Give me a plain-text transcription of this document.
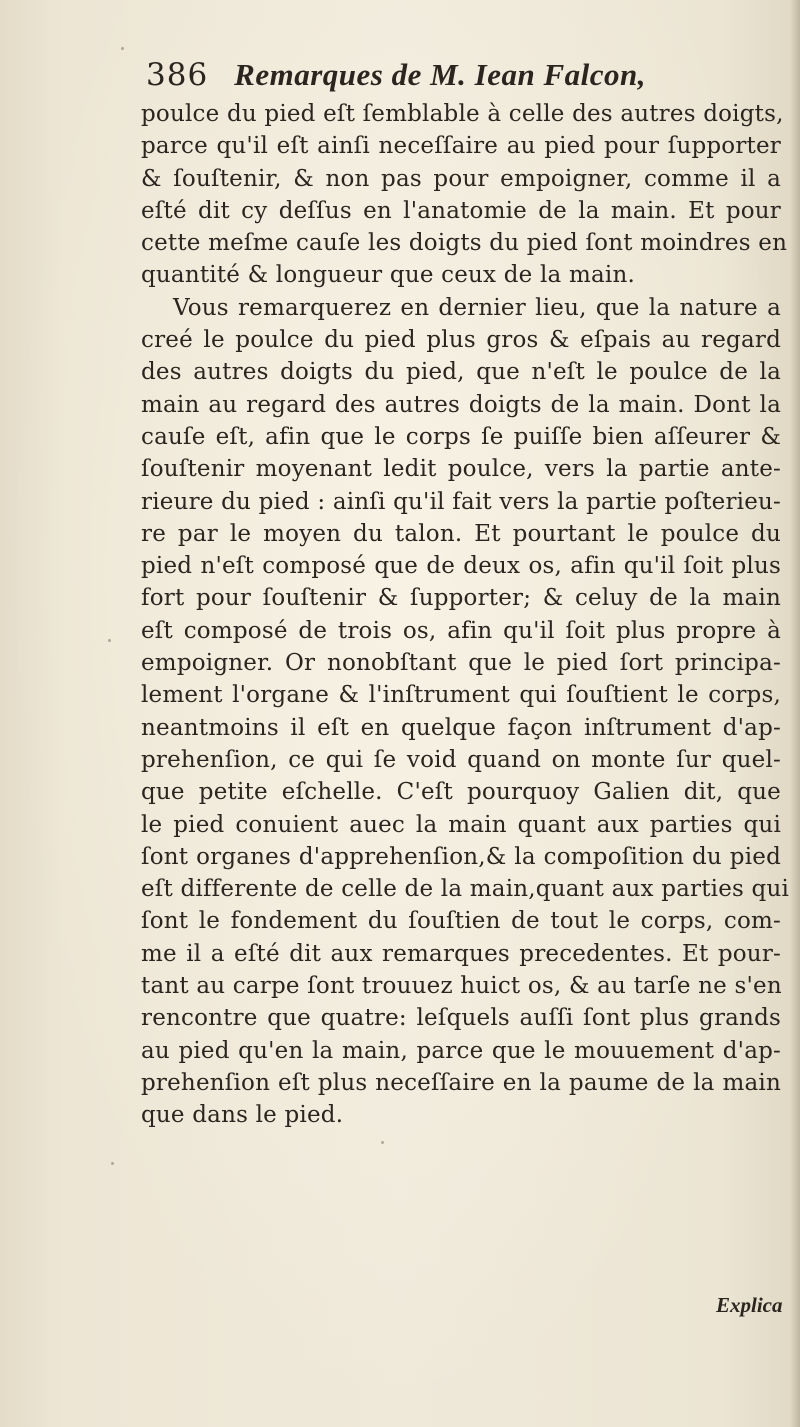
386 Remarques de M. Iean Falcon,
poulce du pied eſt ſemblable à celle des autres doigts,
parce qu'il eſt ainſi neceſſaire au pied pour ſupporter
& ſouſtenir, & non pas pour empoigner, comme il a
eſté dit cy deſſus en l'anatomie de la main. Et pour
cette meſme cauſe les doigts du pied ſont moindres en
quantité & longueur que ceux de la main.
Vous remarquerez en dernier lieu, que la nature a
creé le poulce du pied plus gros & eſpais au regard
des autres doigts du pied, que n'eſt le poulce de la
main au regard des autres doigts de la main. Dont la
cauſe eſt, afin que le corps ſe puiſſe bien aſſeurer &
ſouſtenir moyenant ledit poulce, vers la partie ante-
rieure du pied : ainſi qu'il fait vers la partie poſterieu-
re par le moyen du talon. Et pourtant le poulce du
pied n'eſt composé que de deux os, afin qu'il ſoit plus
fort pour ſouſtenir & ſupporter; & celuy de la main
eſt composé de trois os, afin qu'il ſoit plus propre à
empoigner. Or nonobſtant que le pied ſort principa-
lement l'organe & l'inſtrument qui ſouſtient le corps,
neantmoins il eſt en quelque façon inſtrument d'ap-
prehenſion, ce qui ſe void quand on monte ſur quel-
que petite eſchelle. C'eſt pourquoy Galien dit, que
le pied conuient auec la main quant aux parties qui
ſont organes d'apprehenſion,& la compoſition du pied
eſt differente de celle de la main,quant aux parties qui
ſont le fondement du ſouſtien de tout le corps, com-
me il a eſté dit aux remarques precedentes. Et pour-
tant au carpe ſont trouuez huict os, & au tarſe ne s'en
rencontre que quatre: leſquels auſſi ſont plus grands
au pied qu'en la main, parce que le mouuement d'ap-
prehenſion eſt plus neceſſaire en la paume de la main
que dans le pied.
Explica
